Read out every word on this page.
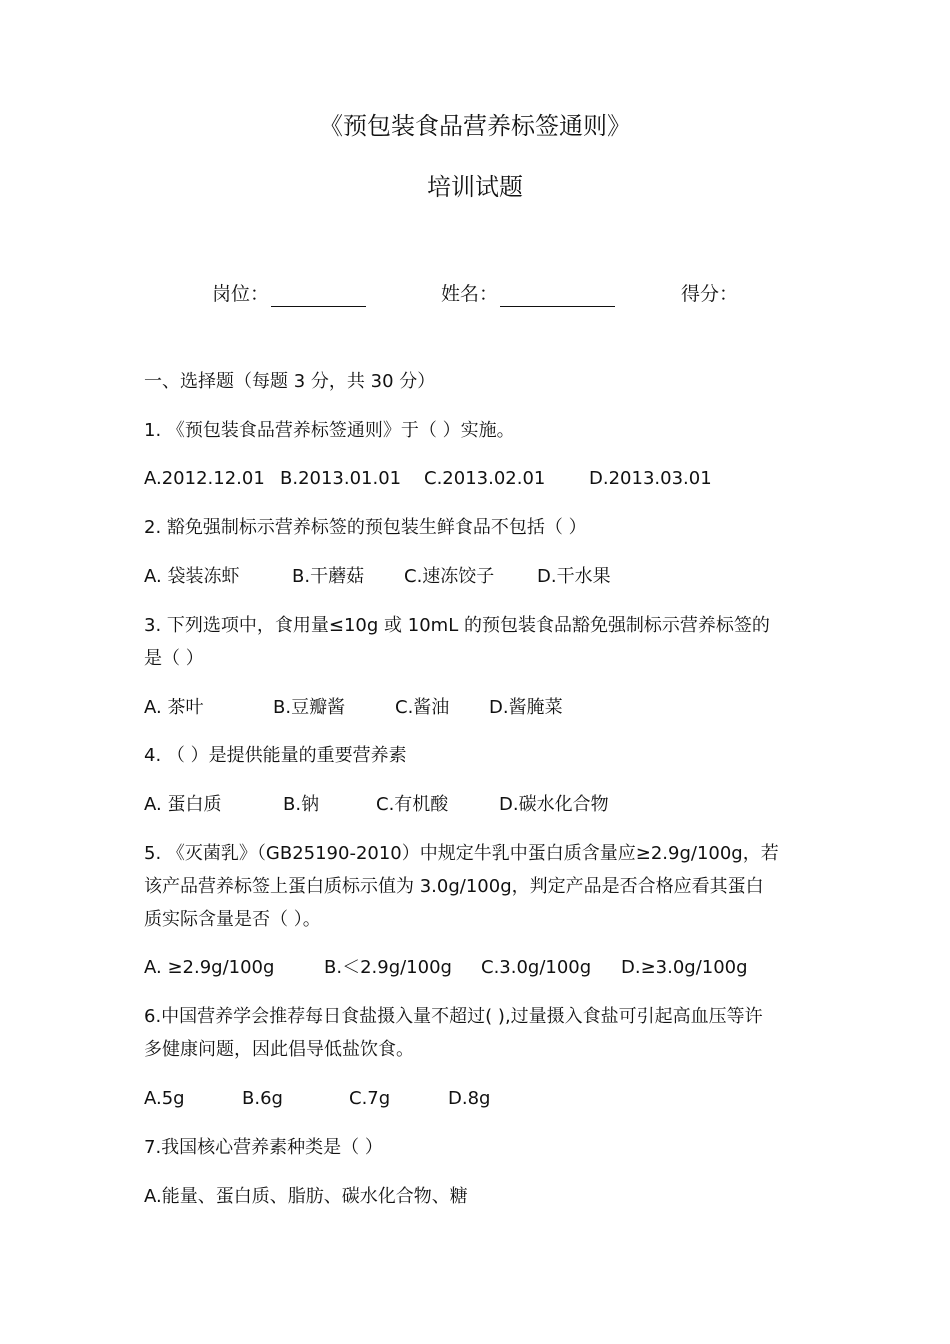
《预包装食品营养标签通则》
培训试题
岗位：	姓名：	得分：
一、选择题（每题 3 分，共 30 分）
1. 《预包装食品营养标签通则》于（ ）实施。
A.2012.12.01 B.2013.01.01 C.2013.02.01 D.2013.03.01
2. 豁免强制标示营养标签的预包装生鲜食品不包括（ ）
A. 袋装冻虾	B.干蘑菇 C.速冻饺子 D.干水果
3. 下列选项中，食用量≤10g 或 10mL 的预包装食品豁免强制标示营养标签的
是（ ）
A. 茶叶	B.豆瓣酱	C.酱油 D.酱腌菜
4. （ ）是提供能量的重要营养素
A. 蛋白质	B.钠	C.有机酸	D.碳水化合物
5. 《灭菌乳》（GB25190-2010）中规定牛乳中蛋白质含量应≥2.9g/100g，若
该产品营养标签上蛋白质标示值为 3.0g/100g，判定产品是否合格应看其蛋白
质实际含量是否（ ）。
A. ≥2.9g/100g	B.＜2.9g/100g C.3.0g/100g D.≥3.0g/100g
6.中国营养学会推荐每日食盐摄入量不超过( ),过量摄入食盐可引起高血压等许
多健康问题，因此倡导低盐饮食。
A.5g	B.6g	C.7g	D.8g
7.我国核心营养素种类是（ ）
A.能量、蛋白质、脂肪、碳水化合物、糖
